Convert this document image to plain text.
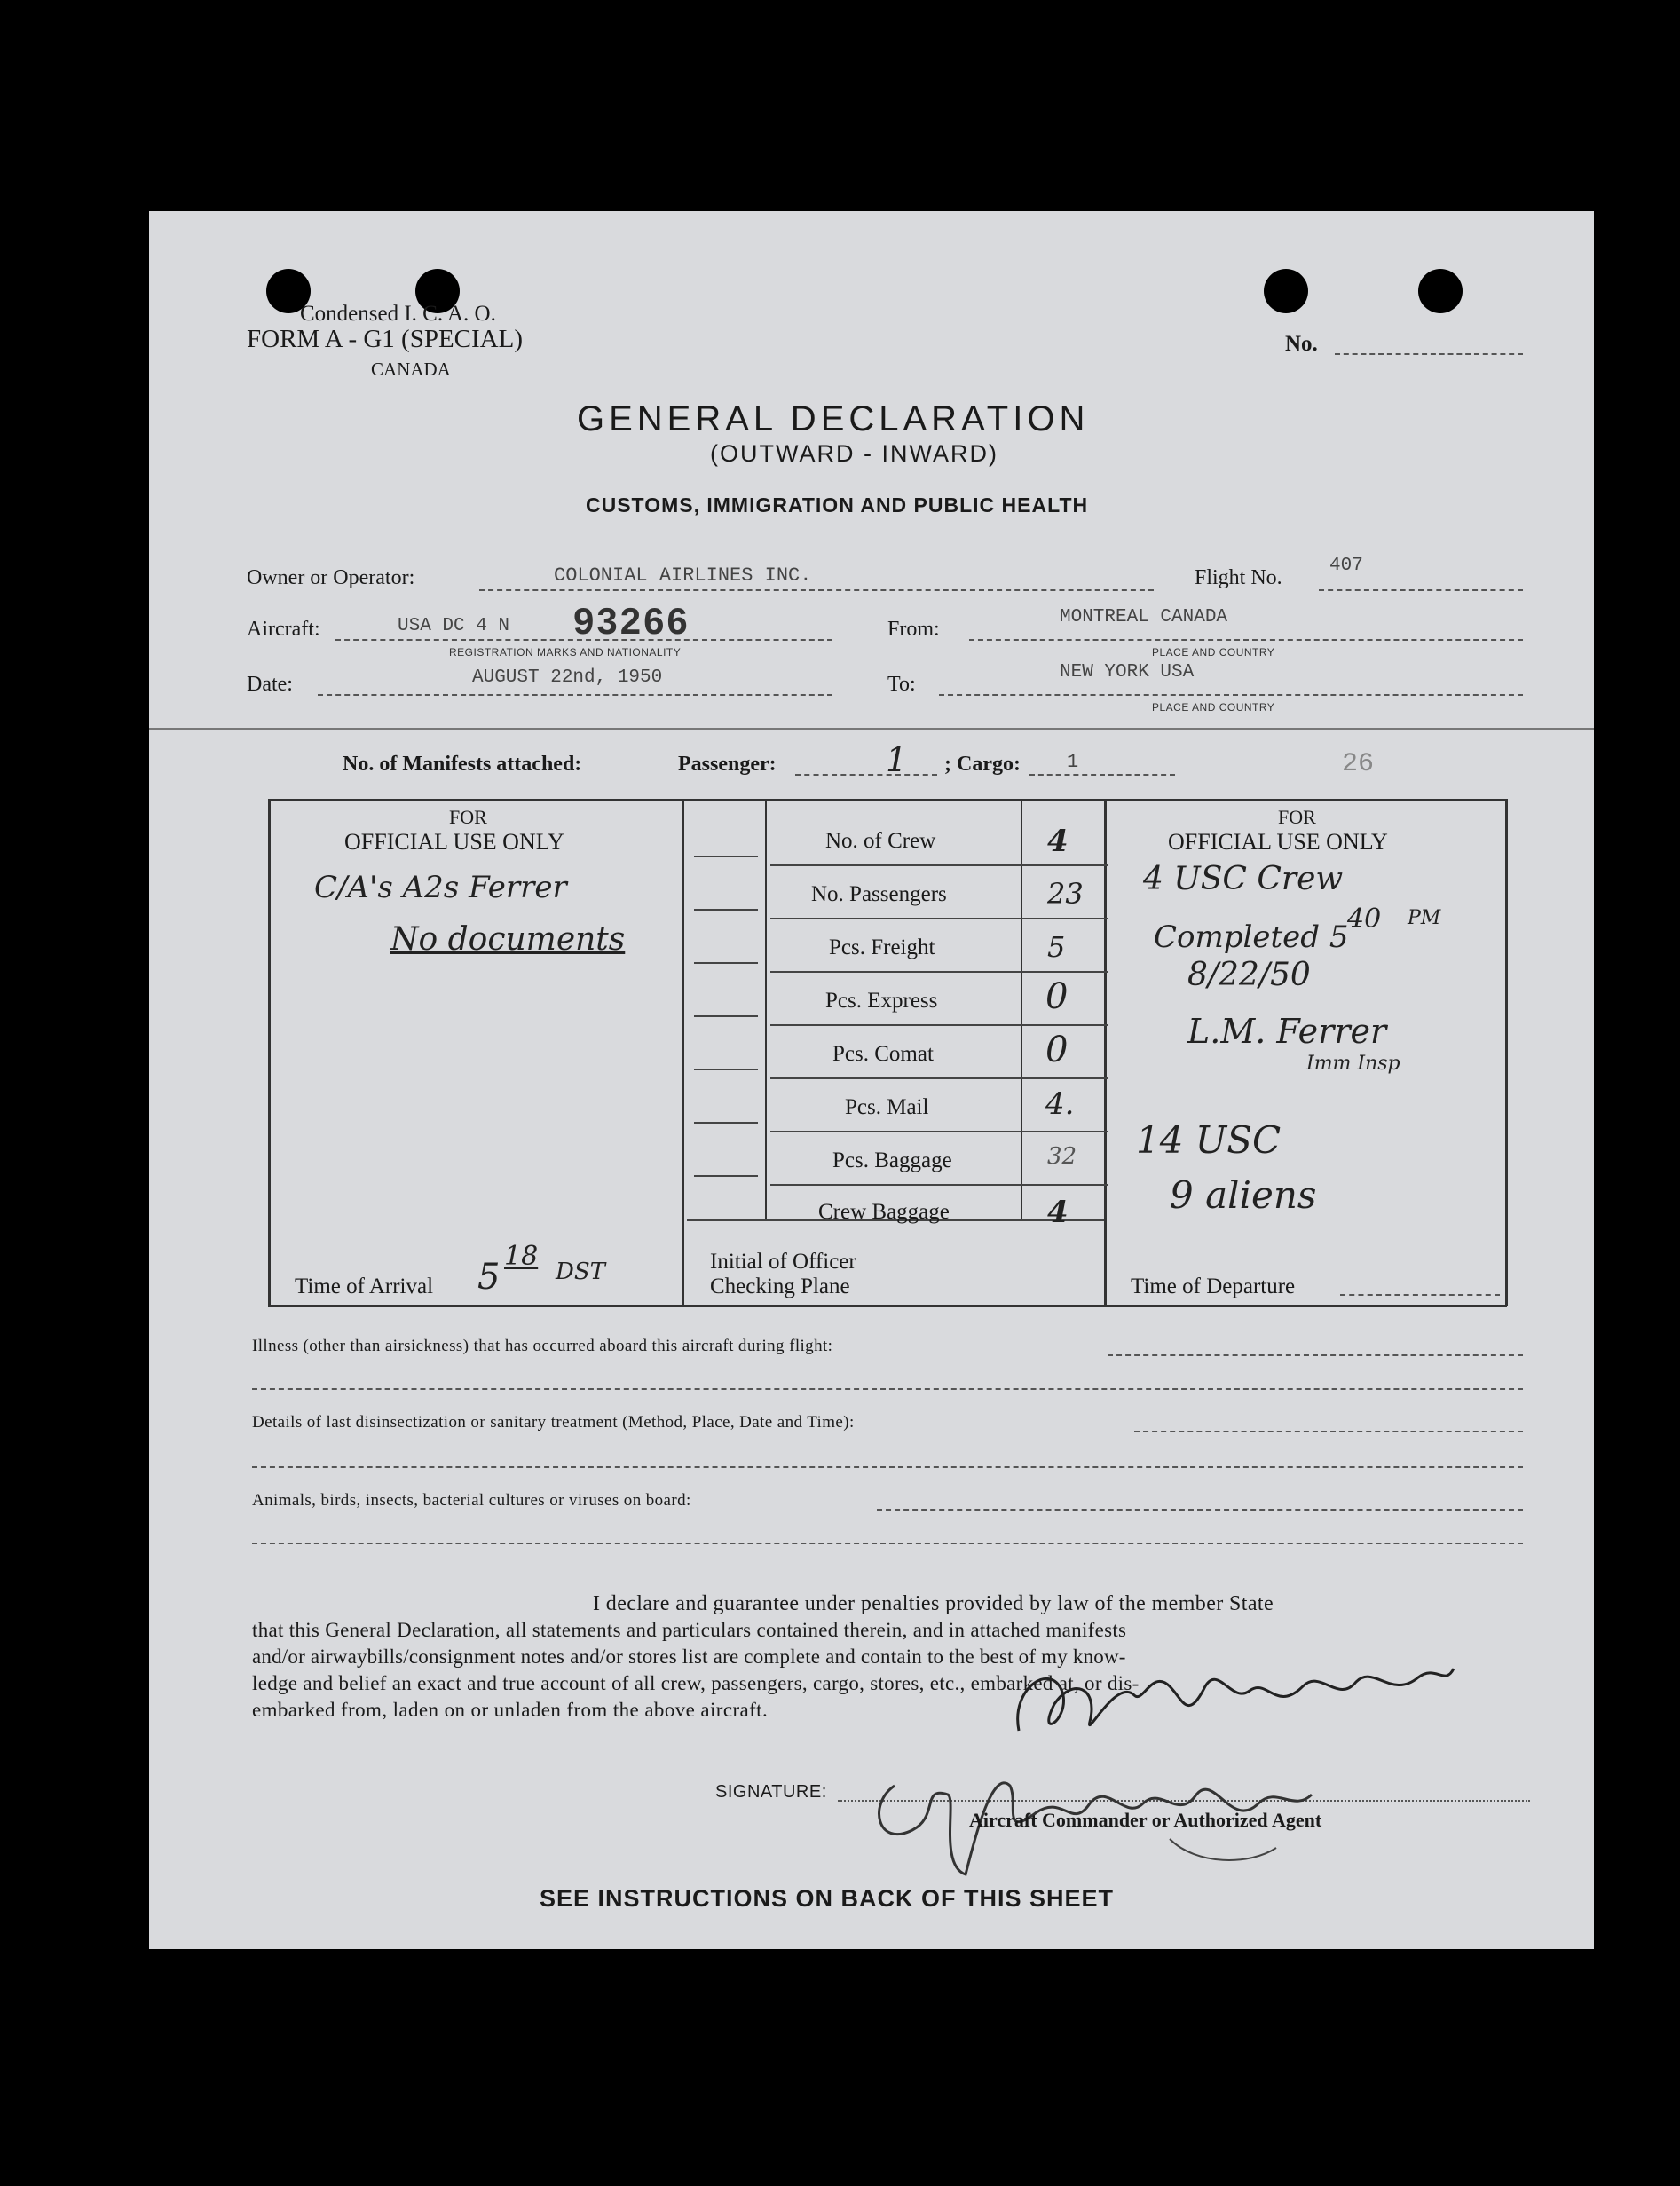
Condensed I. C. A. O.
FORM A - G1 (SPECIAL)
CANADA
No.
GENERAL DECLARATION
(OUTWARD - INWARD)
CUSTOMS, IMMIGRATION AND PUBLIC HEALTH
Owner or Operator:	COLONIAL AIRLINES INC.	Flight No.
407
Aircraft:	USA DC 4 N 93266
REGISTRATION MARKS AND NATIONALITY
From:
MONTREAL CANADA
PLACE AND COUNTRY
Date:	AUGUST 22nd, 1950	To:
NEW YORK USA
PLACE AND COUNTRY
No. of Manifests attached:	Passenger:	1 ; Cargo: 1	26
FOR
OFFICIAL USE ONLY
C/A's A2s Ferrer
No documents
Time of Arrival 5
18 DST
No. of Crew	4
No. Passengers	23
Pcs. Freight	5
Pcs. Express	0
Pcs. Comat	0
Pcs. Mail	4.
Pcs. Baggage	32
Crew Baggage	4
Initial of Officer
Checking Plane
FOR
OFFICIAL USE ONLY
4 USC Crew
Completed 5
40 PM
8/22/50
L.M. Ferrer
Imm Insp
14 USC
9 aliens
Time of Departure
Illness (other than airsickness) that has occurred aboard this aircraft during flight:
Details of last disinsectization or sanitary treatment (Method, Place, Date and Time):
Animals, birds, insects, bacterial cultures or viruses on board:
I declare and guarantee under penalties provided by law of the member State
that this General Declaration, all statements and particulars contained therein, and in attached manifests
and/or airwaybills/consignment notes and/or stores list are complete and contain to the best of my know-
ledge and belief an exact and true account of all crew, passengers, cargo, stores, etc., embarked at, or dis-
embarked from, laden on or unladen from the above aircraft.
SIGNATURE:
Aircraft Commander or Authorized Agent
SEE INSTRUCTIONS ON BACK OF THIS SHEET
